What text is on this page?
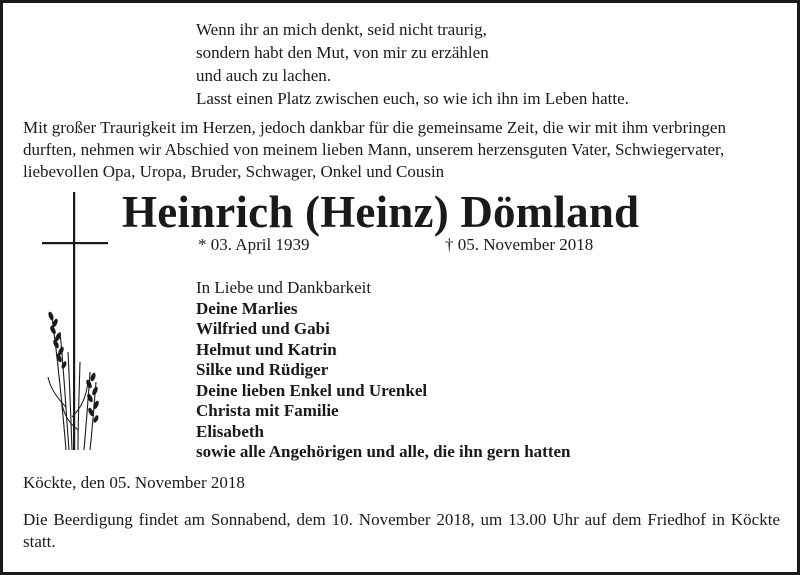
Wenn ihr an mich denkt, seid nicht traurig,
sondern habt den Mut, von mir zu erzählen
und auch zu lachen.
Lasst einen Platz zwischen euch, so wie ich ihn im Leben hatte.
Mit großer Traurigkeit im Herzen, jedoch dankbar für die gemeinsame Zeit, die wir mit ihm verbringen
durften, nehmen wir Abschied von meinem lieben Mann, unserem herzensguten Vater, Schwiegervater,
liebevollen Opa, Uropa, Bruder, Schwager, Onkel und Cousin
Heinrich (Heinz) Dömland
* 03. April 1939	† 05. November 2018
In Liebe und Dankbarkeit
Deine Marlies
Wilfried und Gabi
Helmut und Katrin
Silke und Rüdiger
Deine lieben Enkel und Urenkel
Christa mit Familie
Elisabeth
sowie alle Angehörigen und alle, die ihn gern hatten
Köckte, den 05. November 2018
Die Beerdigung findet am Sonnabend, dem 10. November 2018, um 13.00 Uhr auf dem Friedhof in Köckte statt.
